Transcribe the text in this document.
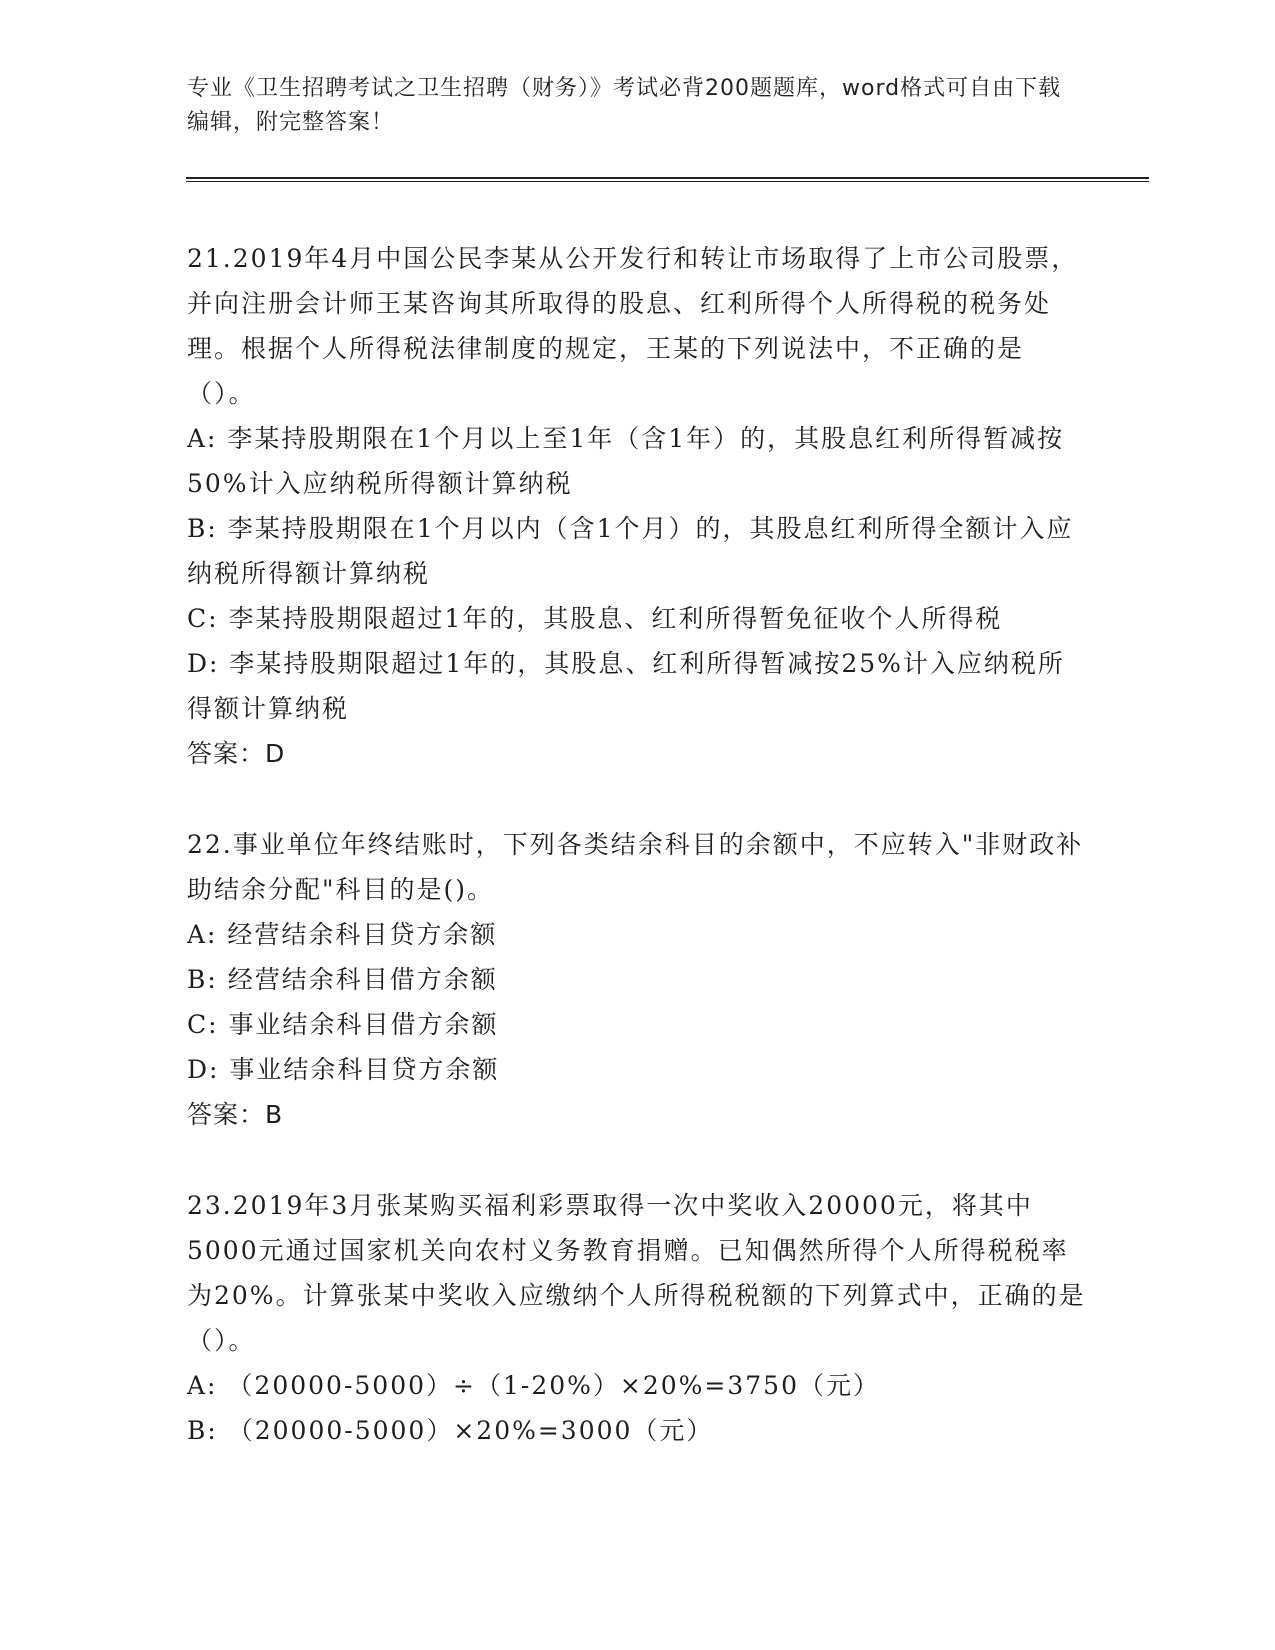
专业《卫生招聘考试之卫生招聘（财务）》考试必背200题题库，word格式可自由下载编辑，附完整答案！

21.2019年4月中国公民李某从公开发行和转让市场取得了上市公司股票，并向注册会计师王某咨询其所取得的股息、红利所得个人所得税的税务处理。根据个人所得税法律制度的规定，王某的下列说法中，不正确的是（）。

A: 李某持股期限在1个月以上至1年（含1年）的，其股息红利所得暂减按50%计入应纳税所得额计算纳税

B: 李某持股期限在1个月以内（含1个月）的，其股息红利所得全额计入应纳税所得额计算纳税

C: 李某持股期限超过1年的，其股息、红利所得暂免征收个人所得税

D: 李某持股期限超过1年的，其股息、红利所得暂减按25%计入应纳税所得额计算纳税

答案：D

22.事业单位年终结账时，下列各类结余科目的余额中，不应转入"非财政补助结余分配"科目的是()。

A: 经营结余科目贷方余额

B: 经营结余科目借方余额

C: 事业结余科目借方余额

D: 事业结余科目贷方余额

答案：B

23.2019年3月张某购买福利彩票取得一次中奖收入20000元，将其中5000元通过国家机关向农村义务教育捐赠。已知偶然所得个人所得税税率为20%。计算张某中奖收入应缴纳个人所得税税额的下列算式中，正确的是（）。

A: （20000-5000）÷（1-20%）×20%=3750（元）

B: （20000-5000）×20%=3000（元）
